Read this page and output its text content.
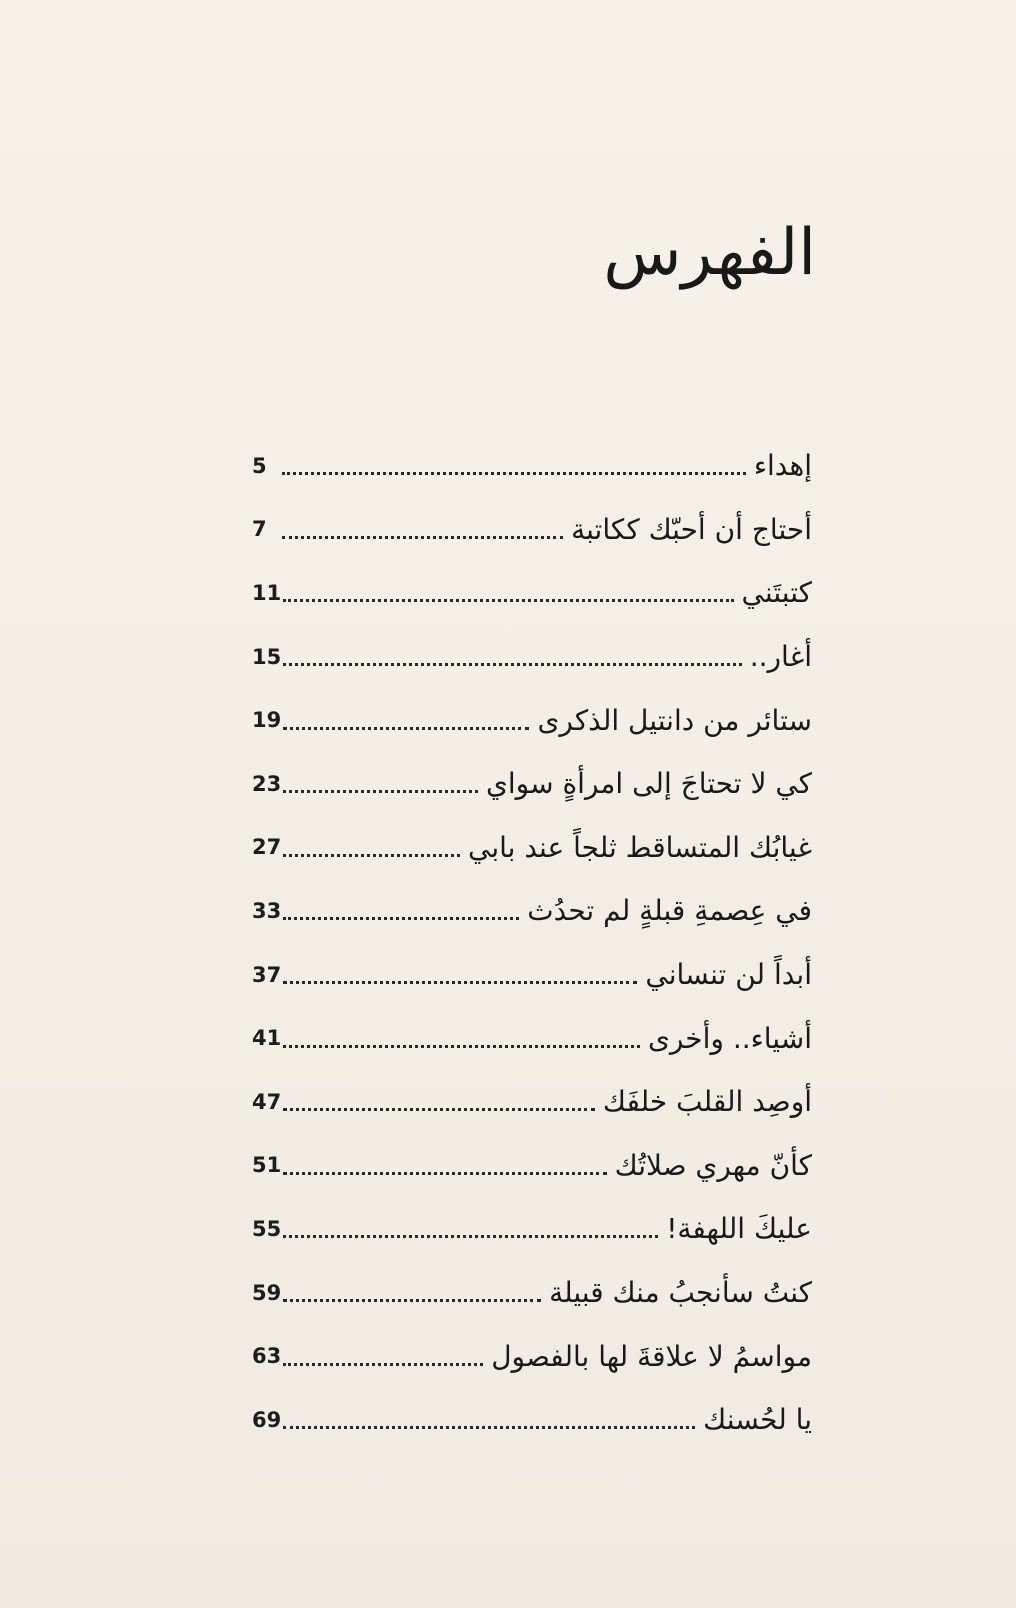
الفهرس
5	إهداء
7	أحتاج أن أحبّك ككاتبة
11	كتبتَني
15	أغار..
19	ستائر من دانتيل الذكرى
23	كي لا تحتاجَ إلى امرأةٍ سواي
27	غيابُك المتساقط ثلجاً عند بابي
33	في عِصمةِ قبلةٍ لم تحدُث
37	أبداً لن تنساني
41	أشياء.. وأخرى
47	أوصِد القلبَ خلفَك
51	كأنّ مهري صلاتُك
55	عليكَ اللهفة!
59	كنتُ سأنجبُ منك قبيلة
63	مواسمُ لا علاقةَ لها بالفصول
69	يا لحُسنك
